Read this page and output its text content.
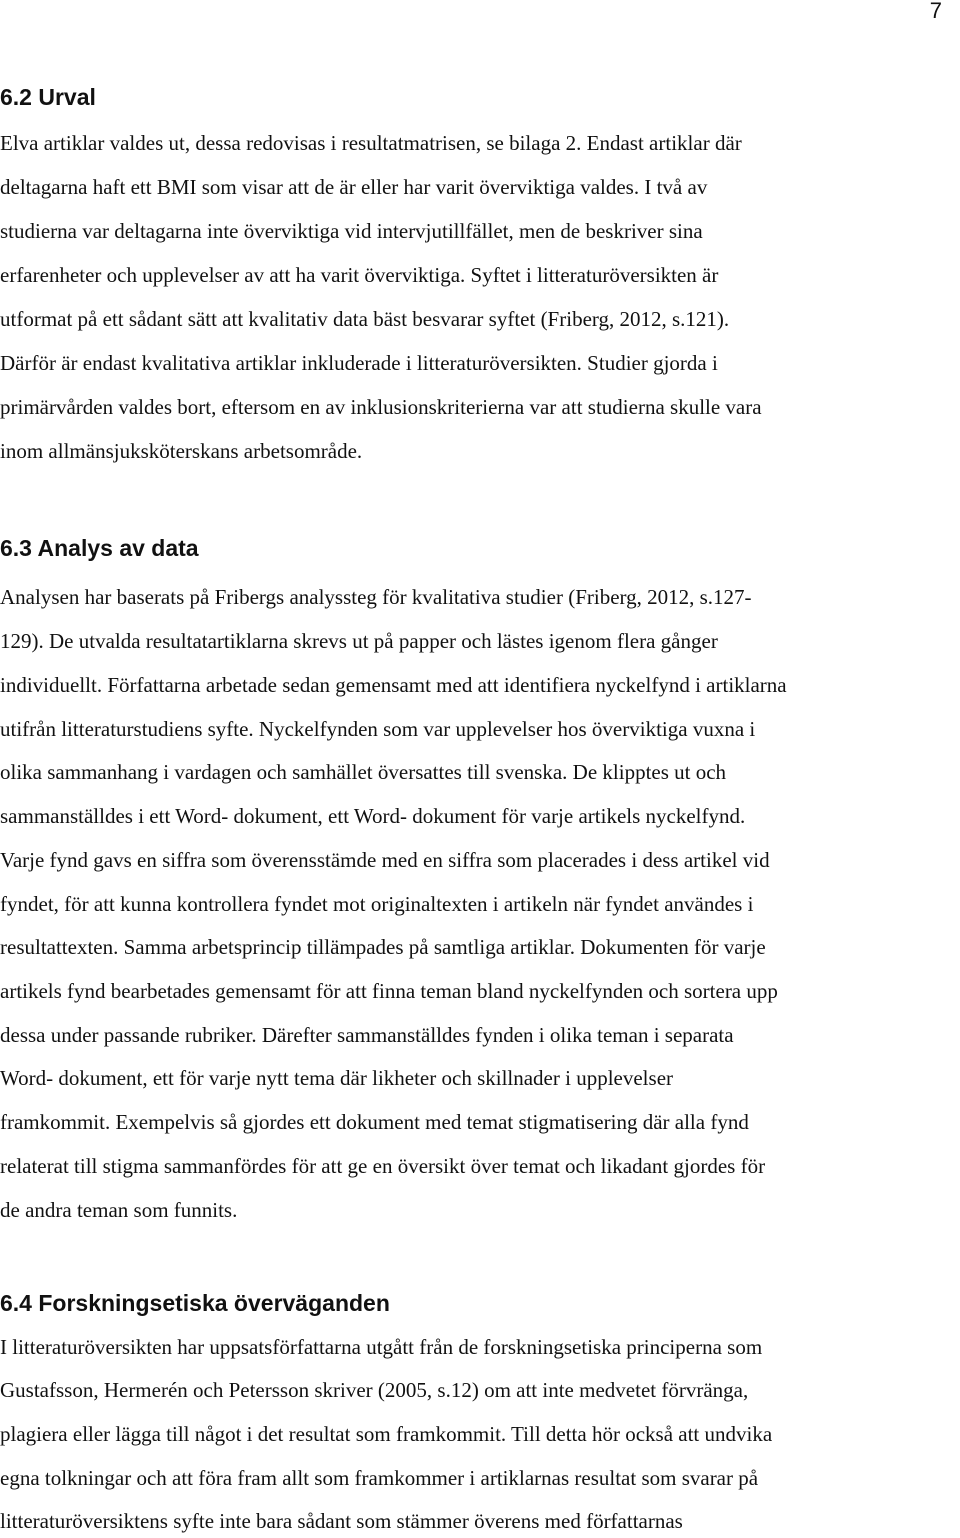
7
6.2 Urval
Elva artiklar valdes ut, dessa redovisas i resultatmatrisen, se bilaga 2. Endast artiklar där
deltagarna haft ett BMI som visar att de är eller har varit överviktiga valdes. I två av
studierna var deltagarna inte överviktiga vid intervjutillfället, men de beskriver sina
erfarenheter och upplevelser av att ha varit överviktiga. Syftet i litteraturöversikten är
utformat på ett sådant sätt att kvalitativ data bäst besvarar syftet (Friberg, 2012, s.121).
Därför är endast kvalitativa artiklar inkluderade i litteraturöversikten. Studier gjorda i
primärvården valdes bort, eftersom en av inklusionskriterierna var att studierna skulle vara
inom allmänsjuksköterskans arbetsområde.
6.3 Analys av data
Analysen har baserats på Fribergs analyssteg för kvalitativa studier (Friberg, 2012, s.127-
129). De utvalda resultatartiklarna skrevs ut på papper och lästes igenom flera gånger
individuellt. Författarna arbetade sedan gemensamt med att identifiera nyckelfynd i artiklarna
utifrån litteraturstudiens syfte. Nyckelfynden som var upplevelser hos överviktiga vuxna i
olika sammanhang i vardagen och samhället översattes till svenska. De klipptes ut och
sammanställdes i ett Word- dokument, ett Word- dokument för varje artikels nyckelfynd.
Varje fynd gavs en siffra som överensstämde med en siffra som placerades i dess artikel vid
fyndet, för att kunna kontrollera fyndet mot originaltexten i artikeln när fyndet användes i
resultattexten. Samma arbetsprincip tillämpades på samtliga artiklar. Dokumenten för varje
artikels fynd bearbetades gemensamt för att finna teman bland nyckelfynden och sortera upp
dessa under passande rubriker. Därefter sammanställdes fynden i olika teman i separata
Word- dokument, ett för varje nytt tema där likheter och skillnader i upplevelser
framkommit. Exempelvis så gjordes ett dokument med temat stigmatisering där alla fynd
relaterat till stigma sammanfördes för att ge en översikt över temat och likadant gjordes för
de andra teman som funnits.
6.4 Forskningsetiska överväganden
I litteraturöversikten har uppsatsförfattarna utgått från de forskningsetiska principerna som
Gustafsson, Hermerén och Petersson skriver (2005, s.12) om att inte medvetet förvränga,
plagiera eller lägga till något i det resultat som framkommit. Till detta hör också att undvika
egna tolkningar och att föra fram allt som framkommer i artiklarnas resultat som svarar på
litteraturöversiktens syfte inte bara sådant som stämmer överens med författarnas
